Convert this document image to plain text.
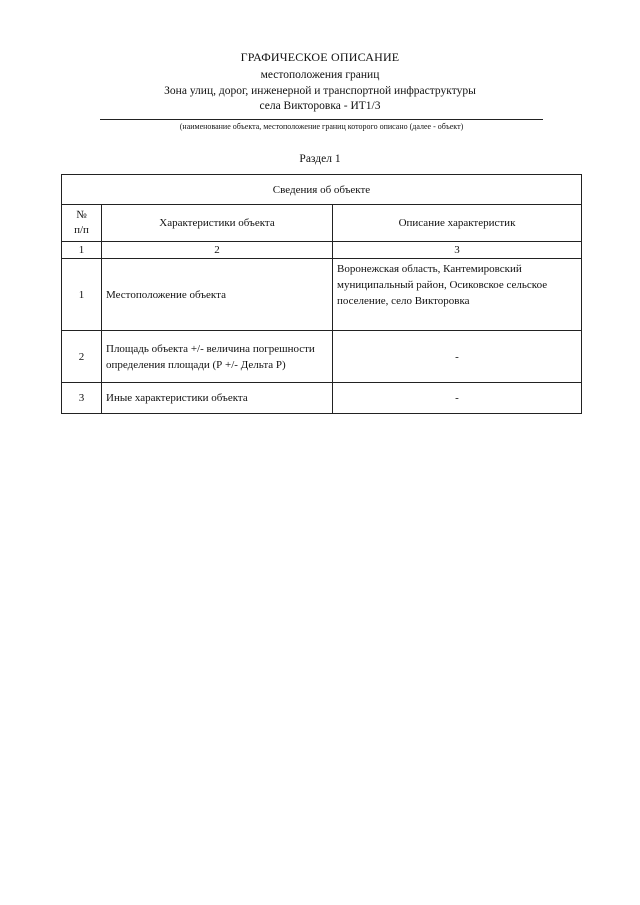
ГРАФИЧЕСКОЕ ОПИСАНИЕ
местоположения границ
Зона улиц, дорог, инженерной и транспортной инфраструктуры
села Викторовка - ИТ1/3
(наименование объекта, местоположение границ которого описано (далее - объект)
Раздел 1
Сведения об объекте		
№
п/п	Характеристики объекта	Описание характеристик
1	2	3
1	Местоположение объекта	Воронежская область, Кантемировский муниципальный район, Осиковское сельское поселение, село Викторовка
2	Площадь объекта +/- величина погрешности определения площади (Р +/- Дельта Р)	-
3	Иные характеристики объекта	-
